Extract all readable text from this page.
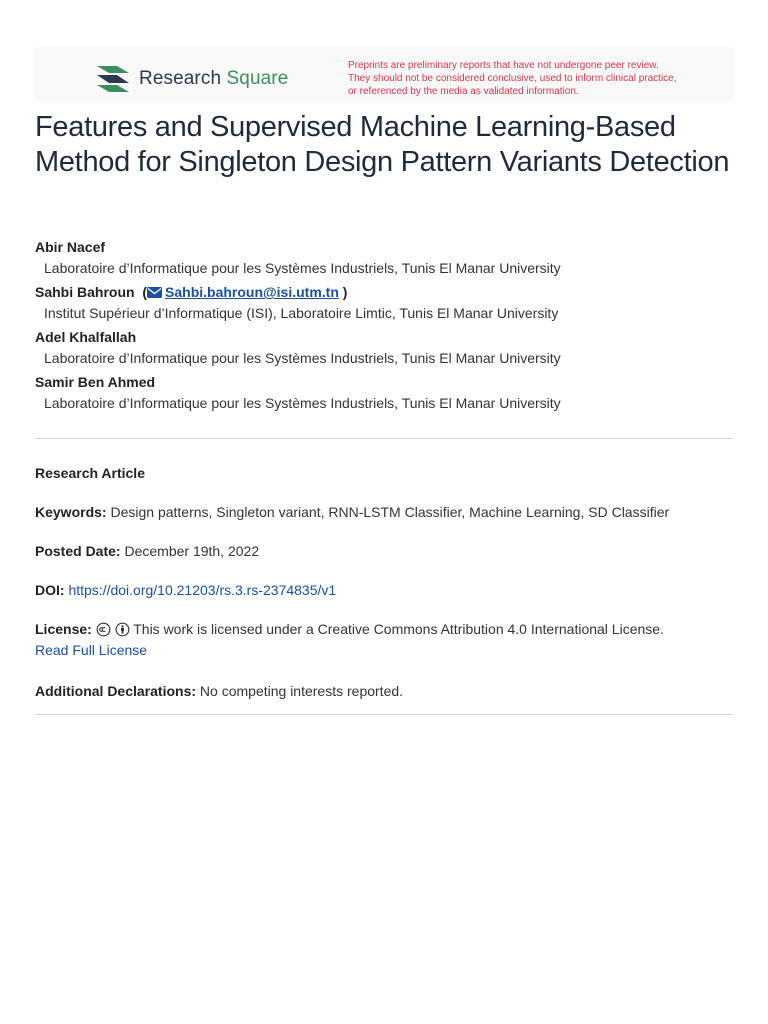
Research Square
Preprints are preliminary reports that have not undergone peer review.
They should not be considered conclusive, used to inform clinical practice,
or referenced by the media as validated information.
Features and Supervised Machine Learning-Based Method for Singleton Design Pattern Variants Detection
Abir Nacef
Laboratoire d’Informatique pour les Systèmes Industriels, Tunis El Manar University
Sahbi Bahroun ( Sahbi.bahroun@isi.utm.tn )
Institut Supérieur d’Informatique (ISI), Laboratoire Limtic, Tunis El Manar University
Adel Khalfallah
Laboratoire d’Informatique pour les Systèmes Industriels, Tunis El Manar University
Samir Ben Ahmed
Laboratoire d’Informatique pour les Systèmes Industriels, Tunis El Manar University
Research Article
Keywords: Design patterns, Singleton variant, RNN-LSTM Classifier, Machine Learning, SD Classifier
Posted Date: December 19th, 2022
DOI: https://doi.org/10.21203/rs.3.rs-2374835/v1
License:	This work is licensed under a Creative Commons Attribution 4.0 International License.
Read Full License
Additional Declarations: No competing interests reported.
